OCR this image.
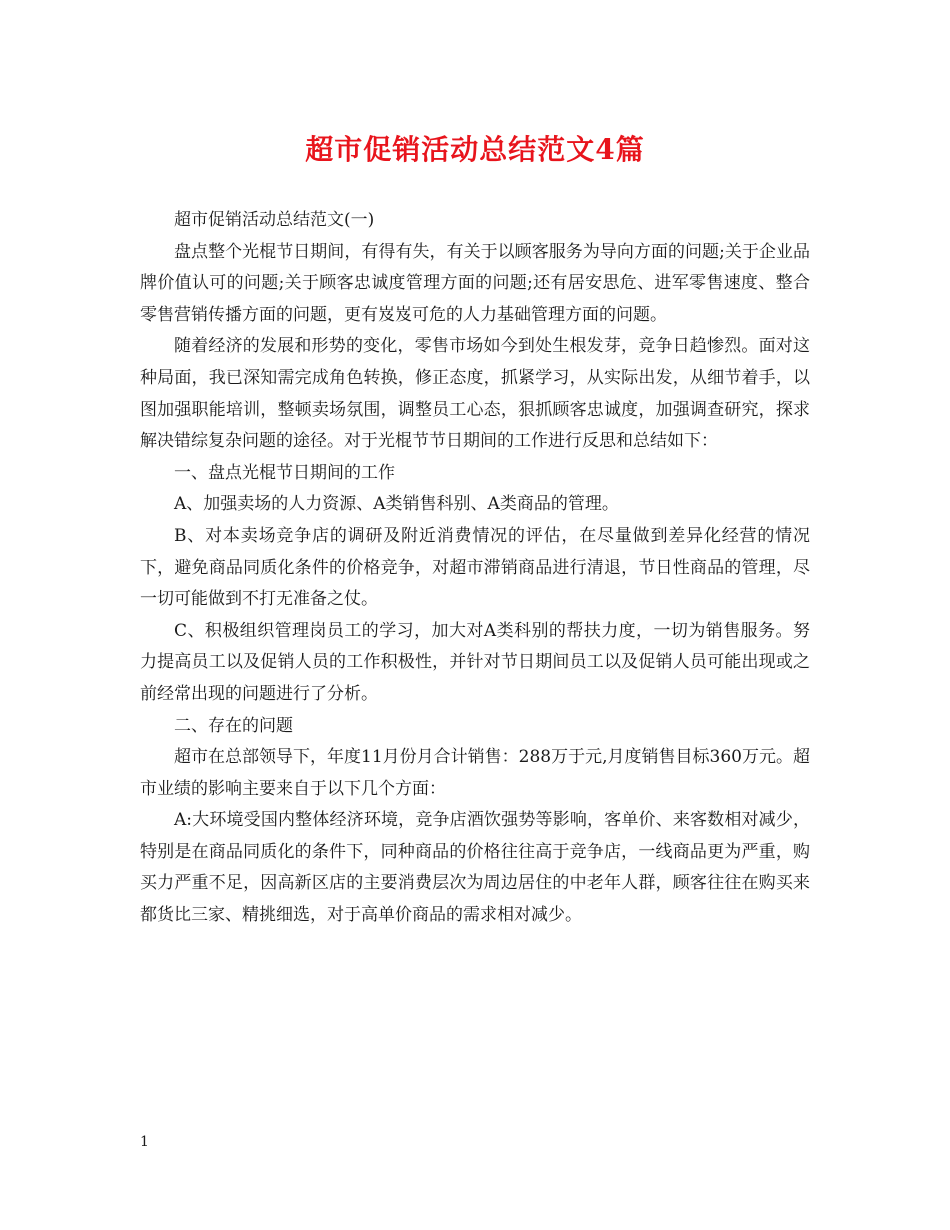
超市促销活动总结范文4篇

超市促销活动总结范文(一)

盘点整个光棍节日期间，有得有失，有关于以顾客服务为导向方面的问题;关于企业品牌价值认可的问题;关于顾客忠诚度管理方面的问题;还有居安思危、进军零售速度、整合零售营销传播方面的问题，更有岌岌可危的人力基础管理方面的问题。

随着经济的发展和形势的变化，零售市场如今到处生根发芽，竞争日趋惨烈。面对这种局面，我已深知需完成角色转换，修正态度，抓紧学习，从实际出发，从细节着手，以图加强职能培训，整顿卖场氛围，调整员工心态，狠抓顾客忠诚度，加强调查研究，探求解决错综复杂问题的途径。对于光棍节节日期间的工作进行反思和总结如下：

一、盘点光棍节日期间的工作

A、加强卖场的人力资源、A类销售科别、A类商品的管理。

B、对本卖场竞争店的调研及附近消费情况的评估，在尽量做到差异化经营的情况下，避免商品同质化条件的价格竞争，对超市滞销商品进行清退，节日性商品的管理，尽一切可能做到不打无准备之仗。

C、积极组织管理岗员工的学习，加大对A类科别的帮扶力度，一切为销售服务。努力提高员工以及促销人员的工作积极性，并针对节日期间员工以及促销人员可能出现或之前经常出现的问题进行了分析。

二、存在的问题

超市在总部领导下，年度11月份月合计销售：288万于元,月度销售目标360万元。超市业绩的影响主要来自于以下几个方面：

A:大环境受国内整体经济环境，竞争店酒饮强势等影响，客单价、来客数相对减少，特别是在商品同质化的条件下，同种商品的价格往往高于竞争店，一线商品更为严重，购买力严重不足，因高新区店的主要消费层次为周边居住的中老年人群，顾客往往在购买来都货比三家、精挑细选，对于高单价商品的需求相对减少。

1
